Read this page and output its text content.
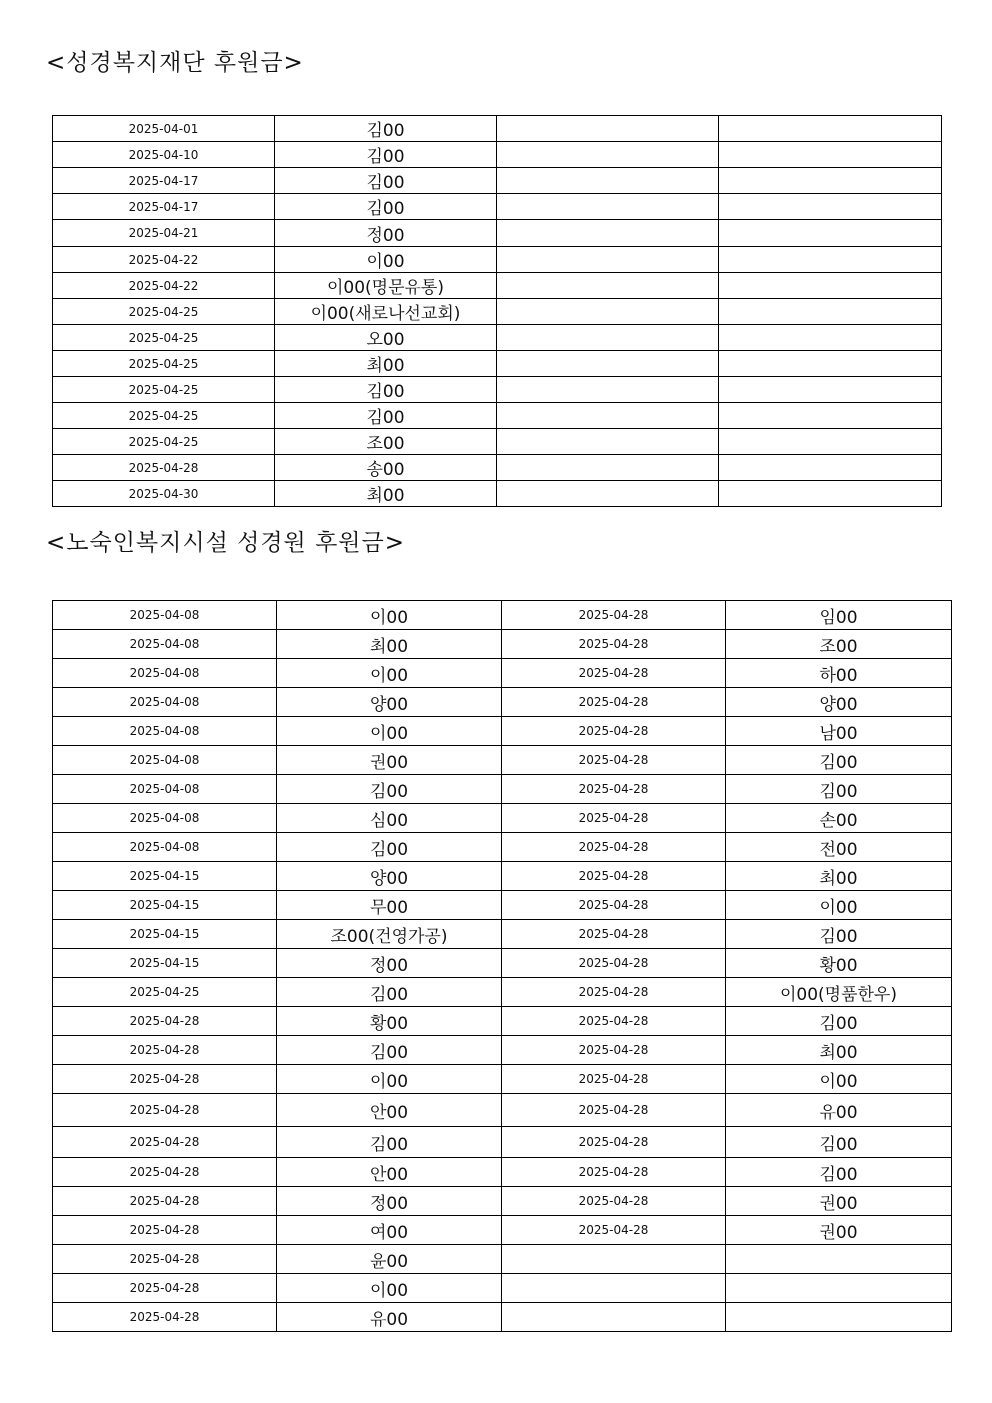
<성경복지재단 후원금>
2025-04-01	김00		
2025-04-10	김00		
2025-04-17	김00		
2025-04-17	김00		
2025-04-21	정00		
2025-04-22	이00		
2025-04-22	이00(명문유통)		
2025-04-25	이00(새로나선교회)		
2025-04-25	오00		
2025-04-25	최00		
2025-04-25	김00		
2025-04-25	김00		
2025-04-25	조00		
2025-04-28	송00		
2025-04-30	최00		
<노숙인복지시설 성경원 후원금>
2025-04-08	이00	2025-04-28	임00
2025-04-08	최00	2025-04-28	조00
2025-04-08	이00	2025-04-28	하00
2025-04-08	양00	2025-04-28	양00
2025-04-08	이00	2025-04-28	남00
2025-04-08	권00	2025-04-28	김00
2025-04-08	김00	2025-04-28	김00
2025-04-08	심00	2025-04-28	손00
2025-04-08	김00	2025-04-28	전00
2025-04-15	양00	2025-04-28	최00
2025-04-15	무00	2025-04-28	이00
2025-04-15	조00(건영가공)	2025-04-28	김00
2025-04-15	정00	2025-04-28	황00
2025-04-25	김00	2025-04-28	이00(명품한우)
2025-04-28	황00	2025-04-28	김00
2025-04-28	김00	2025-04-28	최00
2025-04-28	이00	2025-04-28	이00
2025-04-28	안00	2025-04-28	유00
2025-04-28	김00	2025-04-28	김00
2025-04-28	안00	2025-04-28	김00
2025-04-28	정00	2025-04-28	권00
2025-04-28	여00	2025-04-28	권00
2025-04-28	윤00		
2025-04-28	이00		
2025-04-28	유00		
